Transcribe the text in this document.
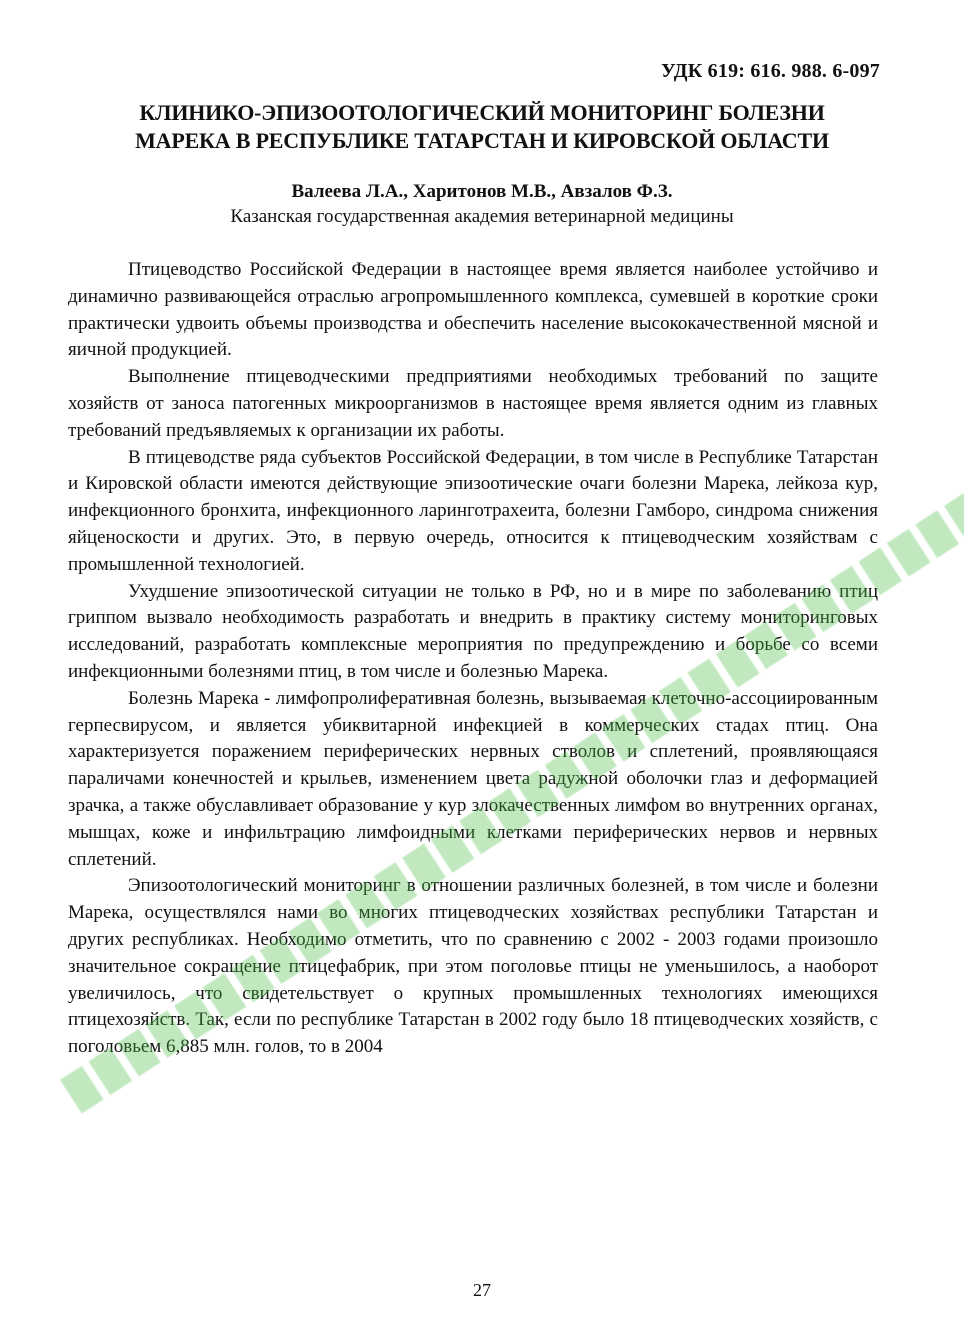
УДК 619: 616. 988. 6-097
КЛИНИКО-ЭПИЗООТОЛОГИЧЕСКИЙ МОНИТОРИНГ БОЛЕЗНИ
МАРЕКА В РЕСПУБЛИКЕ ТАТАРСТАН И КИРОВСКОЙ ОБЛАСТИ
Валеева Л.А., Харитонов М.В., Авзалов Ф.З.
Казанская государственная академия ветеринарной медицины

Птицеводство Российской Федерации в настоящее время является наиболее устойчиво и динамично развивающейся отраслью агропромышленного комплекса, сумевшей в короткие сроки практически удвоить объемы производства и обеспечить население высококачественной мясной и яичной продукцией.

Выполнение птицеводческими предприятиями необходимых требований по защите хозяйств от заноса патогенных микроорганизмов в настоящее время является одним из главных требований предъявляемых к организации их работы.

В птицеводстве ряда субъектов Российской Федерации, в том числе в Республике Татарстан и Кировской области имеются действующие эпизоотические очаги болезни Марека, лейкоза кур, инфекционного бронхита, инфекционного ларинготрахеита, болезни Гамборо, синдрома снижения яйценоскости и других. Это, в первую очередь, относится к птицеводческим хозяйствам с промышленной технологией.

Ухудшение эпизоотической ситуации не только в РФ, но и в мире по заболеванию птиц гриппом вызвало необходимость разработать и внедрить в практику систему мониторинговых исследований, разработать комплексные мероприятия по предупреждению и борьбе со всеми инфекционными болезнями птиц, в том числе и болезнью Марека.

Болезнь Марека - лимфопролиферативная болезнь, вызываемая клеточно-ассоциированным герпесвирусом, и является убиквитарной инфекцией в коммерческих стадах птиц. Она характеризуется поражением периферических нервных стволов и сплетений, проявляющаяся параличами конечностей и крыльев, изменением цвета радужной оболочки глаз и деформацией зрачка, а также обуславливает образование у кур злокачественных лимфом во внутренних органах, мышцах, коже и инфильтрацию лимфоидными клетками периферических нервов и нервных сплетений.

Эпизоотологический мониторинг в отношении различных болезней, в том числе и болезни Марека, осуществлялся нами во многих птицеводческих хозяйствах республики Татарстан и других республиках. Необходимо отметить, что по сравнению с 2002 - 2003 годами произошло значительное сокращение птицефабрик, при этом поголовье птицы не уменьшилось, а наоборот увеличилось, что свидетельствует о крупных промышленных технологиях имеющихся птицехозяйств. Так, если по республике Татарстан в 2002 году было 18 птицеводческих хозяйств, с поголовьем 6,885 млн. голов, то в 2004

27
